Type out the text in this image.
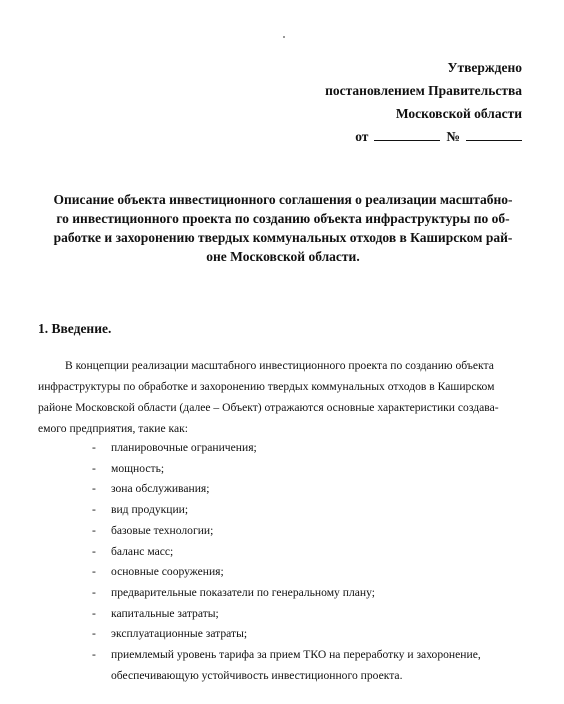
Утверждено
постановлением Правительства
Московской области
от	№
Описание объекта инвестиционного соглашения о реализации масштабно-
го инвестиционного проекта по созданию объекта инфраструктуры по об-
работке и захоронению твердых коммунальных отходов в Каширском рай-
оне Московской области.
1. Введение.
В концепции реализации масштабного инвестиционного проекта по созданию объекта
инфраструктуры по обработке и захоронению твердых коммунальных отходов в Каширском
районе Московской области (далее – Объект) отражаются основные характеристики создава-
емого предприятия, такие как:
- планировочные ограничения;
- мощность;
- зона обслуживания;
- вид продукции;
- базовые технологии;
- баланс масс;
- основные сооружения;
- предварительные показатели по генеральному плану;
- капитальные затраты;
- эксплуатационные затраты;
- приемлемый уровень тарифа за прием ТКО на переработку и захоронение,
обеспечивающую устойчивость инвестиционного проекта.
